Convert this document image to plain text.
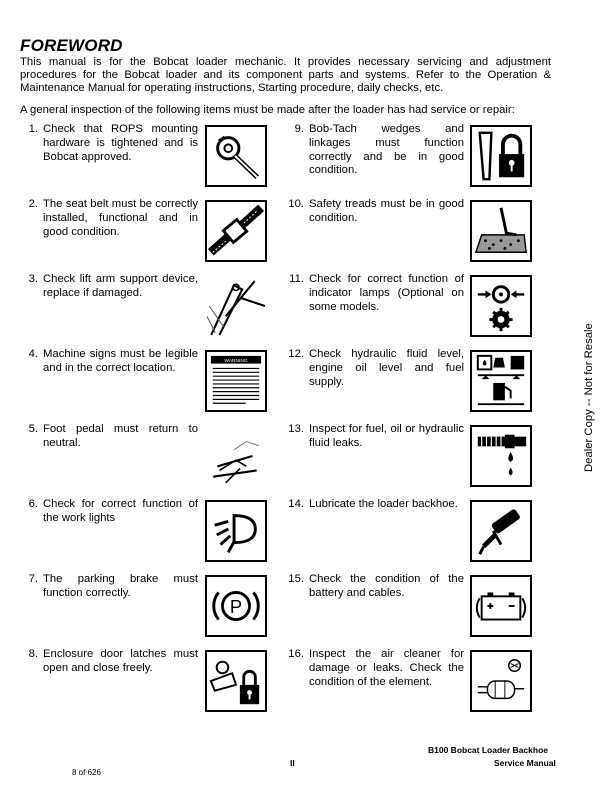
FOREWORD
This manual is for the Bobcat loader mechanic. It provides necessary servicing and adjustment procedures for the Bobcat loader and its component parts and systems. Refer to the Operation & Maintenance Manual for operating instructions, Starting procedure, daily checks, etc.
A general inspection of the following items must be made after the loader has had service or repair:
1. Check that ROPS mounting hardware is tightened and is Bobcat approved.
2. The seat belt must be correctly installed, functional and in good condition.
3. Check lift arm support device, replace if damaged.
4. Machine signs must be legible and in the correct location.
WARNING
5. Foot pedal must return to neutral.
6. Check for correct function of the work lights
7. The parking brake must function correctly.
P
8. Enclosure door latches must open and close freely.
9. Bob-Tach wedges and linkages must function correctly and be in good condition.
10. Safety treads must be in good condition.
11. Check for correct function of indicator lamps (Optional on some models.
12. Check hydraulic fluid level, engine oil level and fuel supply.
13. Inspect for fuel, oil or hydraulic fluid leaks.
14. Lubricate the loader backhoe.
15. Check the condition of the battery and cables.
16. Inspect the air cleaner for damage or leaks. Check the condition of the element.
Dealer Copy -- Not for Resale
B100 Bobcat Loader Backhoe
II	Service Manual
8 of 626
